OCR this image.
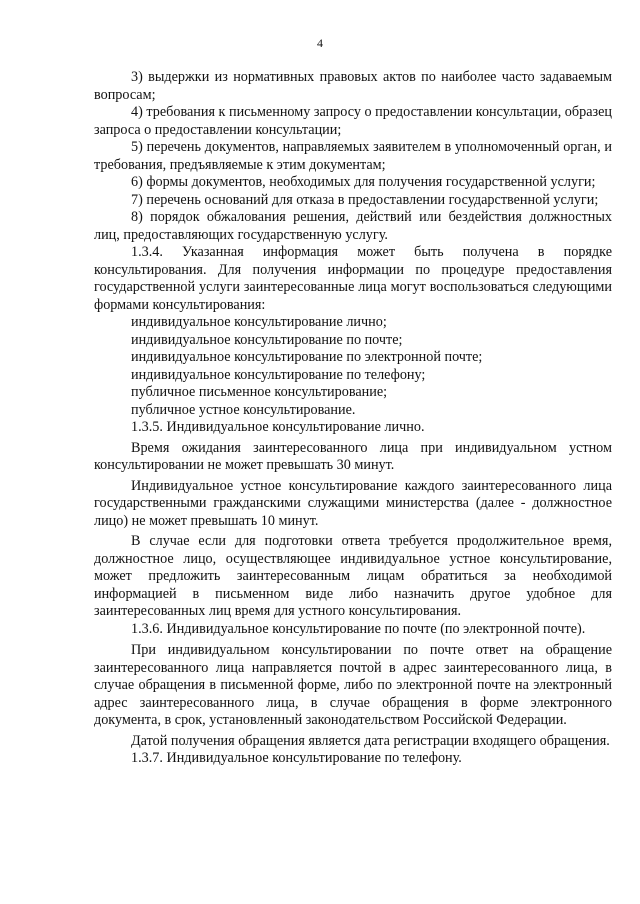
4

3) выдержки из нормативных правовых актов по наиболее часто задаваемым вопросам;

4) требования к письменному запросу о предоставлении консультации, образец запроса о предоставлении консультации;

5) перечень документов, направляемых заявителем в уполномоченный орган, и требования, предъявляемые к этим документам;

6) формы документов, необходимых для получения государственной услуги;

7) перечень оснований для отказа в предоставлении государственной услуги;

8) порядок обжалования решения, действий или бездействия должностных лиц, предоставляющих государственную услугу.

1.3.4. Указанная информация может быть получена в порядке консультирования. Для получения информации по процедуре предоставления государственной услуги заинтересованные лица могут воспользоваться следующими формами консультирования:

индивидуальное консультирование лично;

индивидуальное консультирование по почте;

индивидуальное консультирование по электронной почте;

индивидуальное консультирование по телефону;

публичное письменное консультирование;

публичное устное консультирование.

1.3.5. Индивидуальное консультирование лично.

Время ожидания заинтересованного лица при индивидуальном устном консультировании не может превышать 30 минут.

Индивидуальное устное консультирование каждого заинтересованного лица государственными гражданскими служащими министерства (далее - должностное лицо) не может превышать 10 минут.

В случае если для подготовки ответа требуется продолжительное время, должностное лицо, осуществляющее индивидуальное устное консультирование, может предложить заинтересованным лицам обратиться за необходимой информацией в письменном виде либо назначить другое удобное для заинтересованных лиц время для устного консультирования.

1.3.6. Индивидуальное консультирование по почте (по электронной почте).

При индивидуальном консультировании по почте ответ на обращение заинтересованного лица направляется почтой в адрес заинтересованного лица, в случае обращения в письменной форме, либо по электронной почте на электронный адрес заинтересованного лица, в случае обращения в форме электронного документа, в срок, установленный законодательством Российской Федерации.

Датой получения обращения является дата регистрации входящего обращения.

1.3.7. Индивидуальное консультирование по телефону.
